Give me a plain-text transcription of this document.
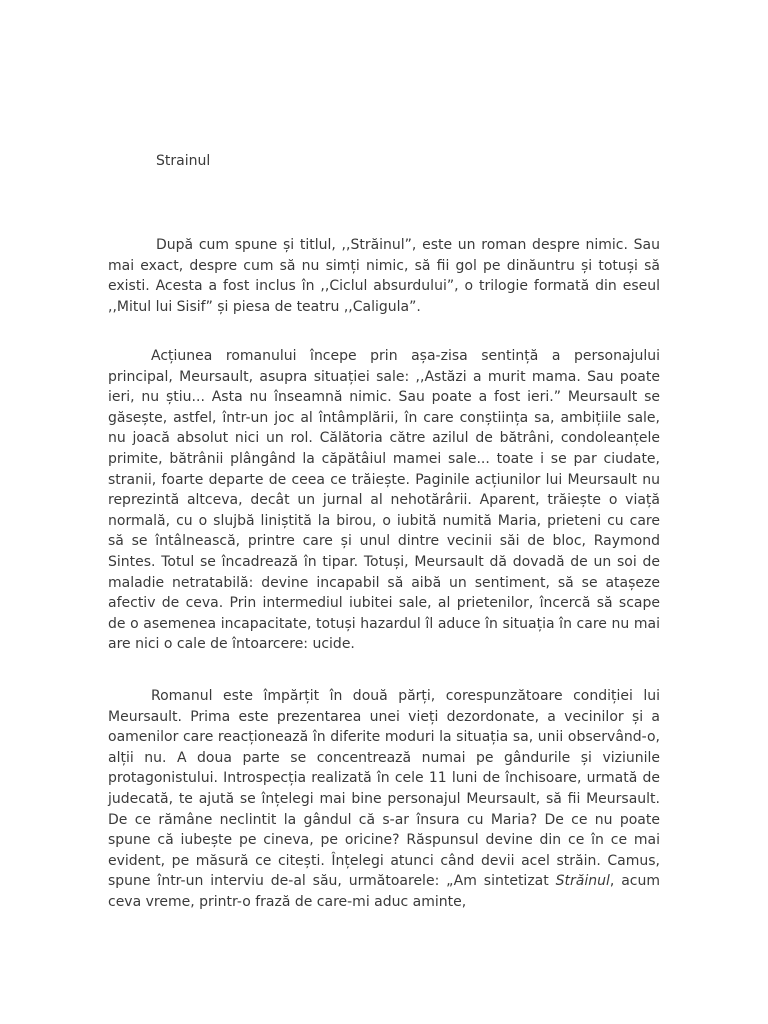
Strainul

După cum spune și titlul, ,,Străinul”, este un roman despre nimic. Sau mai exact, despre cum să nu simți nimic, să fii gol pe dinăuntru și totuși să existi. Acesta a fost inclus în ,,Ciclul absurdului”, o trilogie formată din eseul ,,Mitul lui Sisif” și piesa de teatru ,,Caligula”.

Acțiunea romanului începe prin așa-zisa sentință a personajului principal, Meursault, asupra situației sale: ,,Astăzi a murit mama. Sau poate ieri, nu știu... Asta nu înseamnă nimic. Sau poate a fost ieri.” Meursault se găsește, astfel, într-un joc al întâmplării, în care conștiința sa, ambițiile sale, nu joacă absolut nici un rol. Călătoria către azilul de bătrâni, condoleanțele primite, bătrânii plângând la căpătâiul mamei sale... toate i se par ciudate, stranii, foarte departe de ceea ce trăiește. Paginile acțiunilor lui Meursault nu reprezintă altceva, decât un jurnal al nehotărârii. Aparent, trăiește o viață normală, cu o slujbă liniștită la birou, o iubită numită Maria, prieteni cu care să se întâlnească, printre care și unul dintre vecinii săi de bloc, Raymond Sintes. Totul se încadrează în tipar. Totuși, Meursault dă dovadă de un soi de maladie netratabilă: devine incapabil să aibă un sentiment, să se atașeze afectiv de ceva. Prin intermediul iubitei sale, al prietenilor, încercă să scape de o asemenea incapacitate, totuși hazardul îl aduce în situația în care nu mai are nici o cale de întoarcere: ucide.

Romanul este împărțit în două părți, corespunzătoare condiției lui Meursault. Prima este prezentarea unei vieți dezordonate, a vecinilor și a oamenilor care reacționează în diferite moduri la situația sa, unii observând-o, alții nu. A doua parte se concentrează numai pe gândurile și viziunile protagonistului. Introspecția realizată în cele 11 luni de închisoare, urmată de judecată, te ajută se înțelegi mai bine personajul Meursault, să fii Meursault. De ce rămâne neclintit la gândul că s-ar însura cu Maria? De ce nu poate spune că iubește pe cineva, pe oricine? Răspunsul devine din ce în ce mai evident, pe măsură ce citești. Înțelegi atunci când devii acel străin. Camus, spune într-un interviu de-al său, următoarele: „Am sintetizat Străinul, acum ceva vreme, printr-o frază de care-mi aduc aminte,
